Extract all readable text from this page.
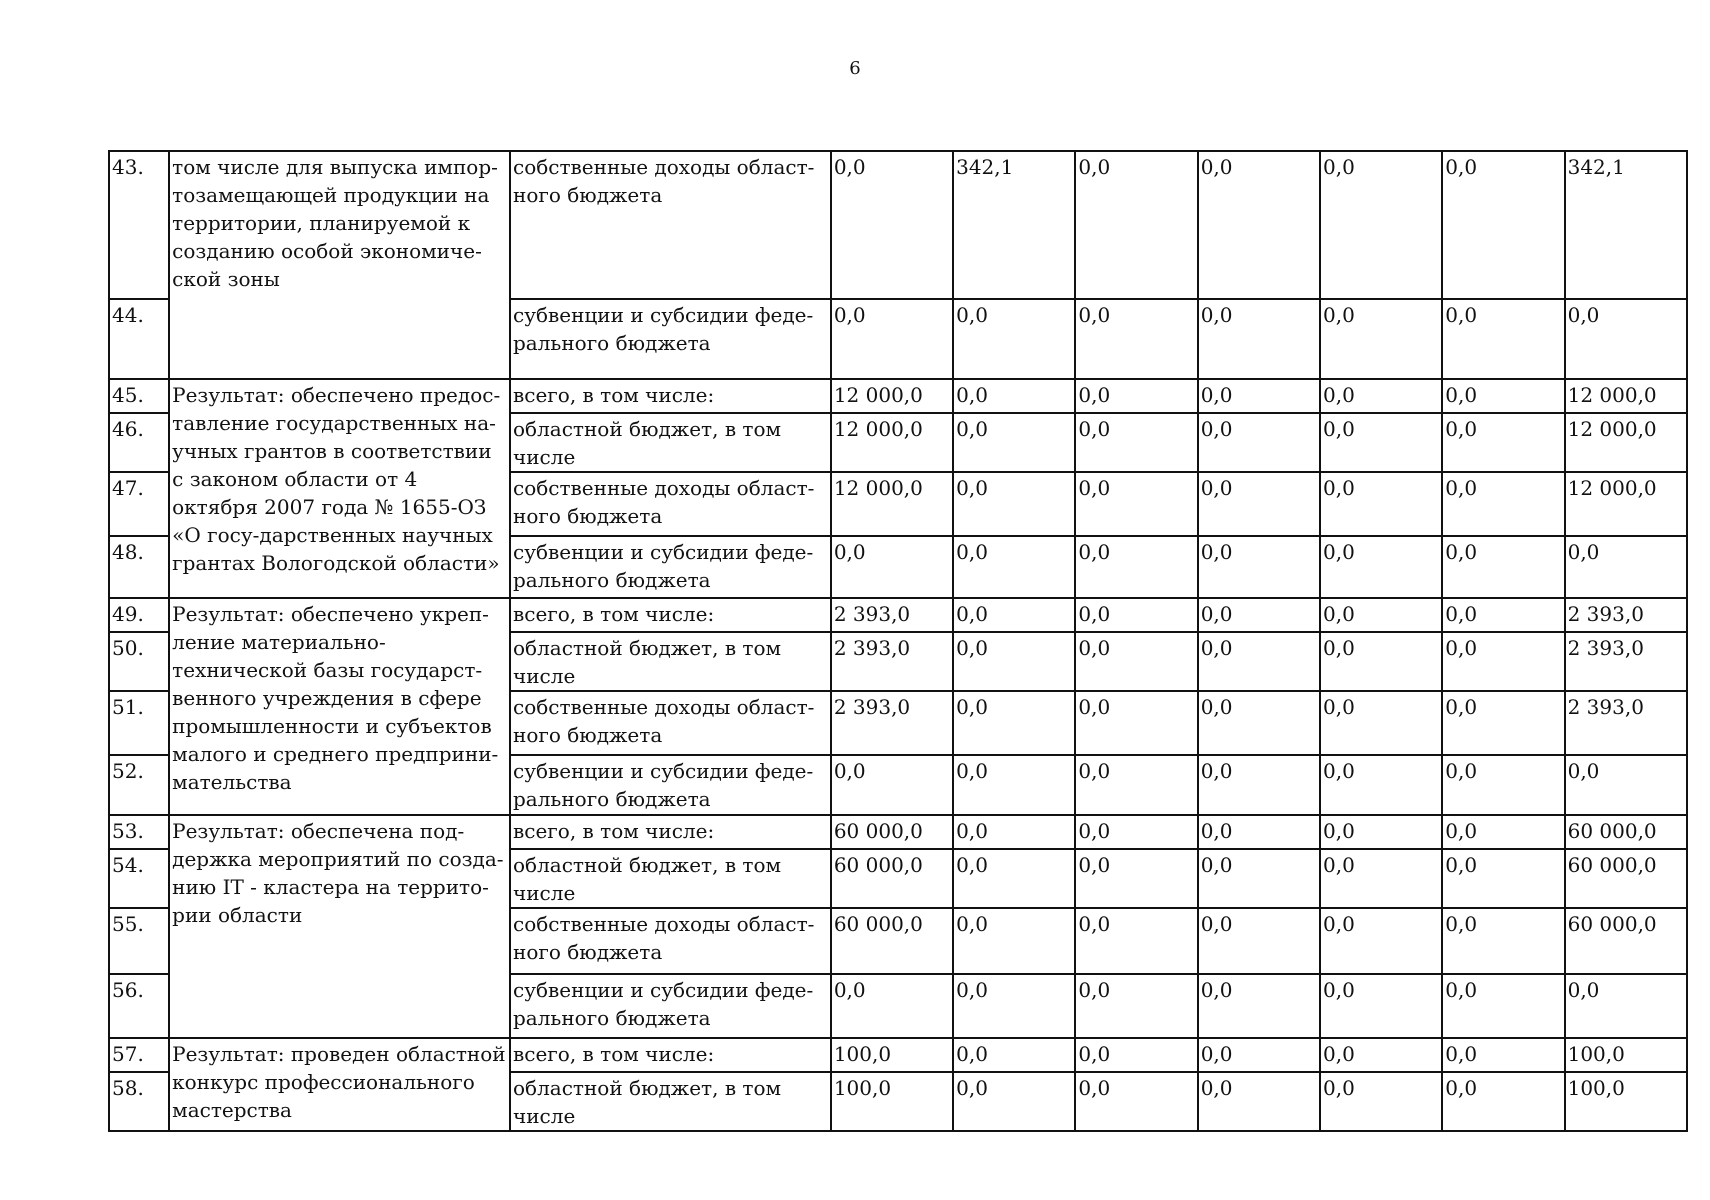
6
43.	том числе для выпуска импор-тозамещающей продукции на территории, планируемой к созданию особой экономиче-ской зоны	собственные доходы област-ного бюджета	0,0	342,1	0,0	0,0	0,0	0,0	342,1
44.		субвенции и субсидии феде-рального бюджета	0,0	0,0	0,0	0,0	0,0	0,0	0,0
45.	Результат: обеспечено предос-тавление государственных на-учных грантов в соответствии с законом области от 4 октября 2007 года № 1655-ОЗ «О госу-дарственных научных грантах Вологодской области»	всего, в том числе:	12 000,0	0,0	0,0	0,0	0,0	0,0	12 000,0
46.		областной бюджет, в том числе	12 000,0	0,0	0,0	0,0	0,0	0,0	12 000,0
47.		собственные доходы област-ного бюджета	12 000,0	0,0	0,0	0,0	0,0	0,0	12 000,0
48.		субвенции и субсидии феде-рального бюджета	0,0	0,0	0,0	0,0	0,0	0,0	0,0
49.	Результат: обеспечено укреп-ление материально-технической базы государст-венного учреждения в сфере промышленности и субъектов малого и среднего предприни-мательства	всего, в том числе:	2 393,0	0,0	0,0	0,0	0,0	0,0	2 393,0
50.		областной бюджет, в том числе	2 393,0	0,0	0,0	0,0	0,0	0,0	2 393,0
51.		собственные доходы област-ного бюджета	2 393,0	0,0	0,0	0,0	0,0	0,0	2 393,0
52.		субвенции и субсидии феде-рального бюджета	0,0	0,0	0,0	0,0	0,0	0,0	0,0
53.	Результат: обеспечена под-держка мероприятий по созда-нию IT - кластера на террито-рии области	всего, в том числе:	60 000,0	0,0	0,0	0,0	0,0	0,0	60 000,0
54.		областной бюджет, в том числе	60 000,0	0,0	0,0	0,0	0,0	0,0	60 000,0
55.		собственные доходы област-ного бюджета	60 000,0	0,0	0,0	0,0	0,0	0,0	60 000,0
56.		субвенции и субсидии феде-рального бюджета	0,0	0,0	0,0	0,0	0,0	0,0	0,0
57.	Результат: проведен областной конкурс профессионального мастерства	всего, в том числе:	100,0	0,0	0,0	0,0	0,0	0,0	100,0
58.		областной бюджет, в том числе	100,0	0,0	0,0	0,0	0,0	0,0	100,0
